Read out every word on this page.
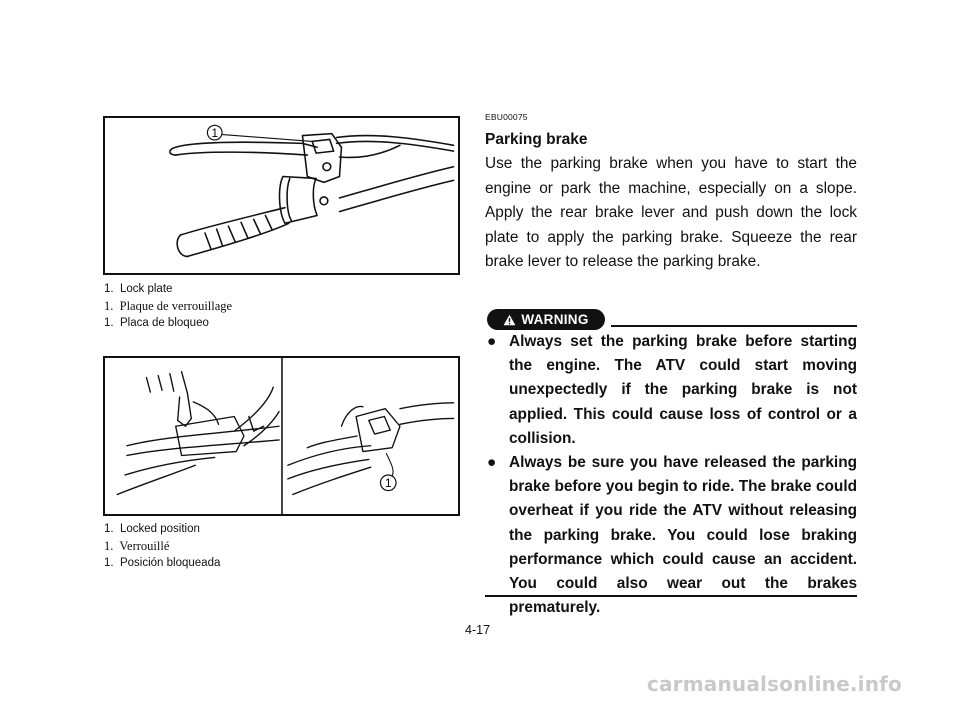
1
1. Lock plate
1. Plaque de verrouillage
1. Placa de bloqueo
1
1. Locked position
1. Verrouillé
1. Posición bloqueada
EBU00075
Parking brake

Use the parking brake when you have to start the engine or park the machine, especially on a slope. Apply the rear brake lever and push down the lock plate to apply the parking brake. Squeeze the rear brake lever to release the parking brake.

WARNING
● Always set the parking brake before starting the engine. The ATV could start moving unexpectedly if the parking brake is not applied. This could cause loss of control or a collision.
● Always be sure you have released the parking brake before you begin to ride. The brake could overheat if you ride the ATV without releasing the parking brake. You could lose braking performance which could cause an accident. You could also wear out the brakes prematurely.
4-17
carmanualsonline.info
